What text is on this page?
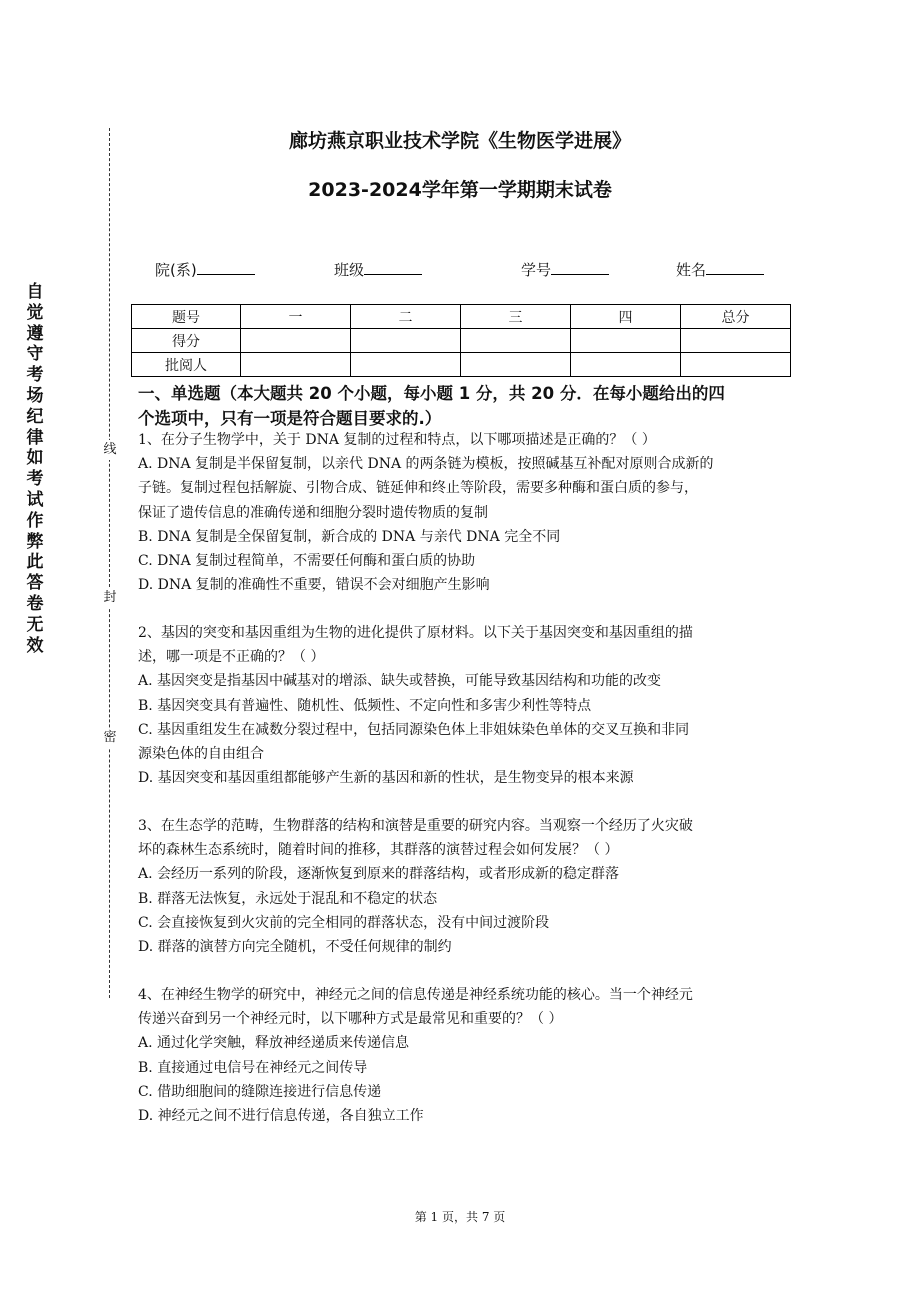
自
觉
遵
守
考
场
纪
律
如
考
试
作
弊
此
答
卷
无
效
线
封
密
廊坊燕京职业技术学院《生物医学进展》
2023-2024学年第一学期期末试卷
院(系)	班级	学号	姓名
题号	一	二	三	四	总分
得分					
批阅人					
一、单选题（本大题共 20 个小题，每小题 1 分，共 20 分．在每小题给出的四
个选项中，只有一项是符合题目要求的.）

1、在分子生物学中，关于 DNA 复制的过程和特点，以下哪项描述是正确的？（ ）

A. DNA 复制是半保留复制，以亲代 DNA 的两条链为模板，按照碱基互补配对原则合成新的

子链。复制过程包括解旋、引物合成、链延伸和终止等阶段，需要多种酶和蛋白质的参与，

保证了遗传信息的准确传递和细胞分裂时遗传物质的复制

B. DNA 复制是全保留复制，新合成的 DNA 与亲代 DNA 完全不同

C. DNA 复制过程简单，不需要任何酶和蛋白质的协助

D. DNA 复制的准确性不重要，错误不会对细胞产生影响

2、基因的突变和基因重组为生物的进化提供了原材料。以下关于基因突变和基因重组的描

述，哪一项是不正确的？（ ）

A. 基因突变是指基因中碱基对的增添、缺失或替换，可能导致基因结构和功能的改变

B. 基因突变具有普遍性、随机性、低频性、不定向性和多害少利性等特点

C. 基因重组发生在减数分裂过程中，包括同源染色体上非姐妹染色单体的交叉互换和非同

源染色体的自由组合

D. 基因突变和基因重组都能够产生新的基因和新的性状，是生物变异的根本来源

3、在生态学的范畴，生物群落的结构和演替是重要的研究内容。当观察一个经历了火灾破

坏的森林生态系统时，随着时间的推移，其群落的演替过程会如何发展？（ ）

A. 会经历一系列的阶段，逐渐恢复到原来的群落结构，或者形成新的稳定群落

B. 群落无法恢复，永远处于混乱和不稳定的状态

C. 会直接恢复到火灾前的完全相同的群落状态，没有中间过渡阶段

D. 群落的演替方向完全随机，不受任何规律的制约

4、在神经生物学的研究中，神经元之间的信息传递是神经系统功能的核心。当一个神经元

传递兴奋到另一个神经元时，以下哪种方式是最常见和重要的？（ ）

A. 通过化学突触，释放神经递质来传递信息

B. 直接通过电信号在神经元之间传导

C. 借助细胞间的缝隙连接进行信息传递

D. 神经元之间不进行信息传递，各自独立工作

第 1 页，共 7 页
